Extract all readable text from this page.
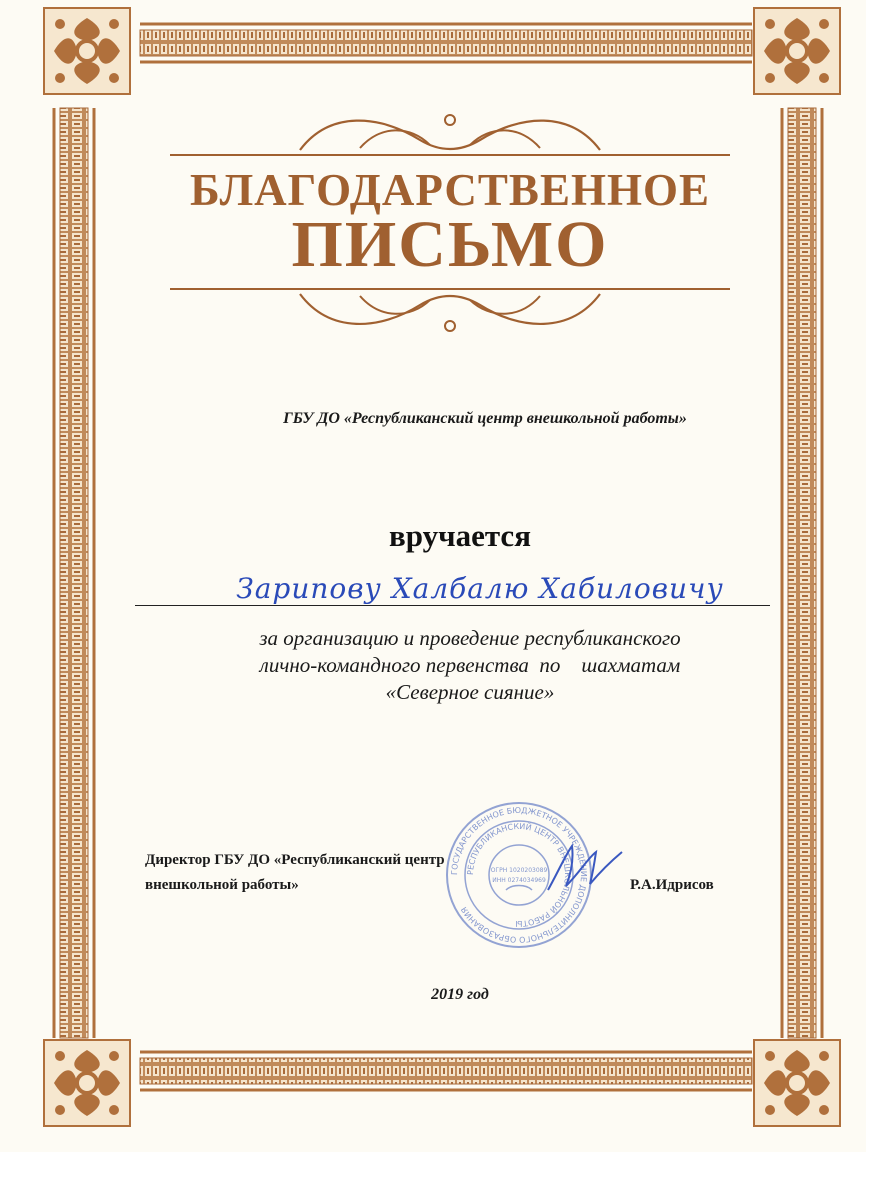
БЛАГОДАРСТВЕННОЕ
ПИСЬМО
ГБУ ДО «Республиканский центр внешкольной работы»
вручается
Зарипову Халбалю Хабиловичу
за организацию и проведение республиканского
лично-командного первенства  по    шахматам
«Северное сияние»
ГОСУДАРСТВЕННОЕ БЮДЖЕТНОЕ УЧРЕЖДЕНИЕ ДОПОЛНИТЕЛЬНОГО ОБРАЗОВАНИЯ
РЕСПУБЛИКАНСКИЙ ЦЕНТР ВНЕШКОЛЬНОЙ РАБОТЫ
ОГРН 1020203089
ИНН 0274034969
Директор ГБУ ДО «Республиканский центр
внешкольной работы»	Р.А.Идрисов
2019 год
